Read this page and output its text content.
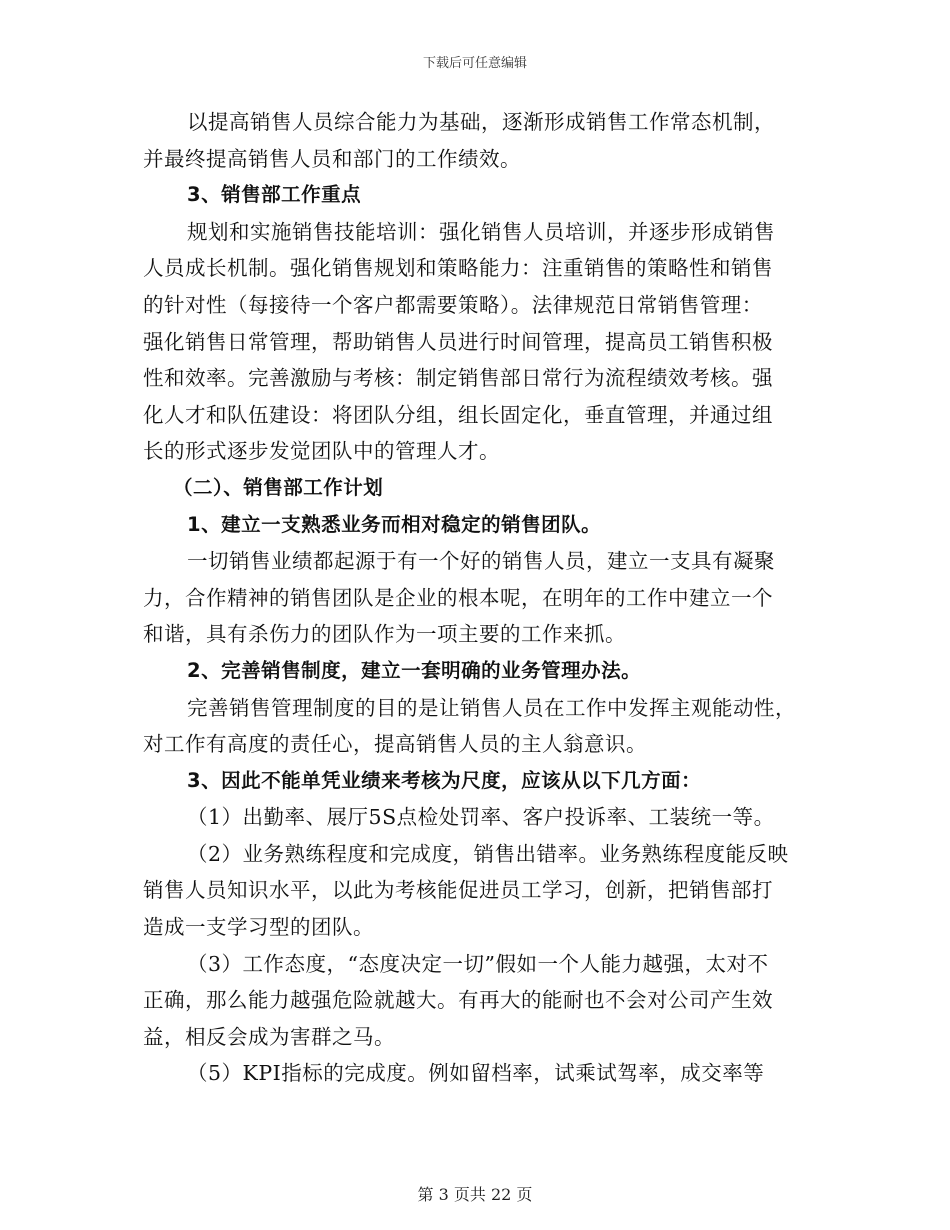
下载后可任意编辑
以提高销售人员综合能力为基础，逐渐形成销售工作常态机制，
并最终提高销售人员和部门的工作绩效。
3、销售部工作重点
规划和实施销售技能培训：强化销售人员培训，并逐步形成销售
人员成长机制。强化销售规划和策略能力：注重销售的策略性和销售
的针对性（每接待一个客户都需要策略）。法律规范日常销售管理：
强化销售日常管理，帮助销售人员进行时间管理，提高员工销售积极
性和效率。完善激励与考核：制定销售部日常行为流程绩效考核。强
化人才和队伍建设：将团队分组，组长固定化，垂直管理，并通过组
长的形式逐步发觉团队中的管理人才。
（二）、销售部工作计划
1、建立一支熟悉业务而相对稳定的销售团队。
一切销售业绩都起源于有一个好的销售人员，建立一支具有凝聚
力，合作精神的销售团队是企业的根本呢，在明年的工作中建立一个
和谐，具有杀伤力的团队作为一项主要的工作来抓。
2、完善销售制度，建立一套明确的业务管理办法。
完善销售管理制度的目的是让销售人员在工作中发挥主观能动性，
对工作有高度的责任心，提高销售人员的主人翁意识。
3、因此不能单凭业绩来考核为尺度，应该从以下几方面：
（1）出勤率、展厅5S点检处罚率、客户投诉率、工装统一等。
（2）业务熟练程度和完成度，销售出错率。业务熟练程度能反映
销售人员知识水平，以此为考核能促进员工学习，创新，把销售部打
造成一支学习型的团队。
（3）工作态度，“态度决定一切”假如一个人能力越强，太对不
正确，那么能力越强危险就越大。有再大的能耐也不会对公司产生效
益，相反会成为害群之马。
（5）KPI指标的完成度。例如留档率，试乘试驾率，成交率等
第 3 页共 22 页
